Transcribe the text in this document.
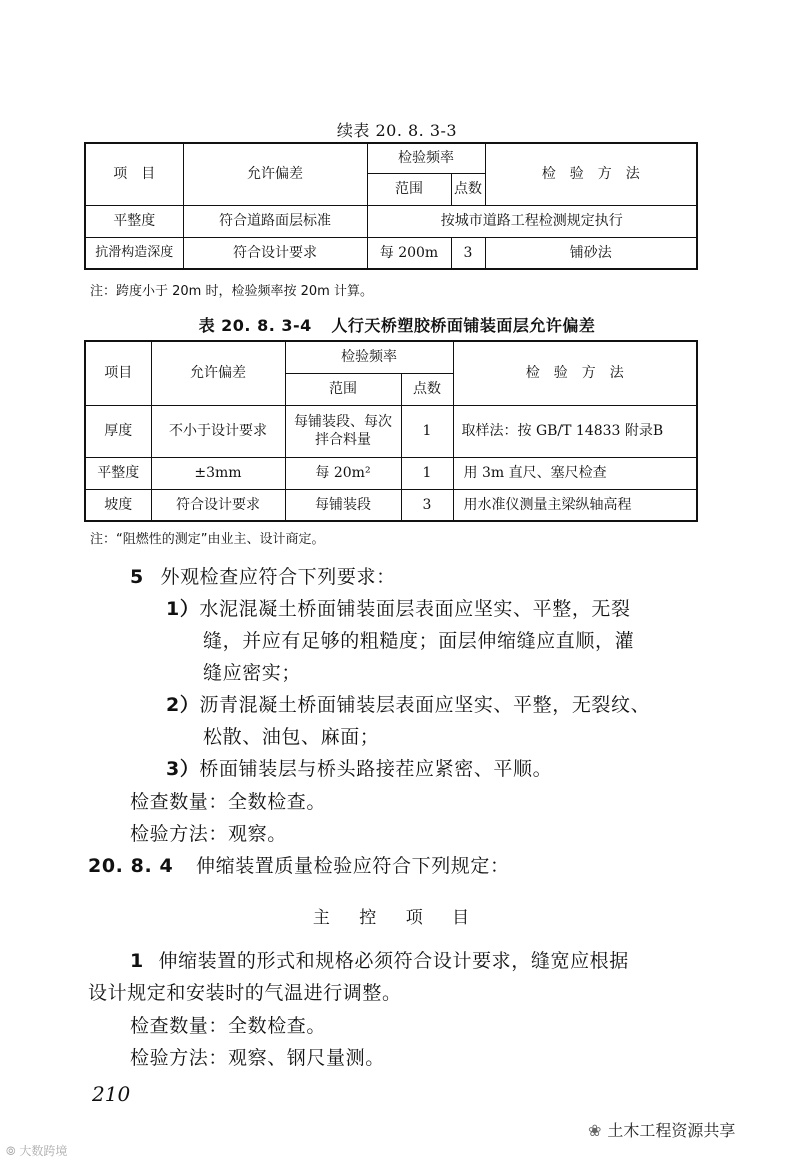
续表 20. 8. 3-3
项　目	允许偏差	检验频率		检　验　方　法
		范围	点数	
平整度	符合道路面层标准	按城市道路工程检测规定执行		
抗滑构造深度	符合设计要求	每 200m	3	铺砂法
注：跨度小于 20m 时，检验频率按 20m 计算。
表 20. 8. 3-4 人行天桥塑胶桥面铺装面层允许偏差
项目	允许偏差	检验频率		检　验　方　法
		范围	点数	
厚度	不小于设计要求	每铺装段、每次拌合料量	1	取样法：按 GB/T 14833 附录B
平整度	±3mm	每 20m²	1	用 3m 直尺、塞尺检查
坡度	符合设计要求	每铺装段	3	用水准仪测量主梁纵轴高程
注：“阻燃性的测定”由业主、设计商定。
5 外观检查应符合下列要求：
1）水泥混凝土桥面铺装面层表面应坚实、平整，无裂
缝，并应有足够的粗糙度；面层伸缩缝应直顺，灌
缝应密实；
2）沥青混凝土桥面铺装层表面应坚实、平整，无裂纹、
松散、油包、麻面；
3）桥面铺装层与桥头路接茬应紧密、平顺。
检查数量：全数检查。
检验方法：观察。
20. 8. 4 伸缩装置质量检验应符合下列规定：
主 控 项 目
1 伸缩装置的形式和规格必须符合设计要求，缝宽应根据
设计规定和安装时的气温进行调整。
检查数量：全数检查。
检验方法：观察、钢尺量测。
210
⦾ 大数跨境
❀ 土木工程资源共享
